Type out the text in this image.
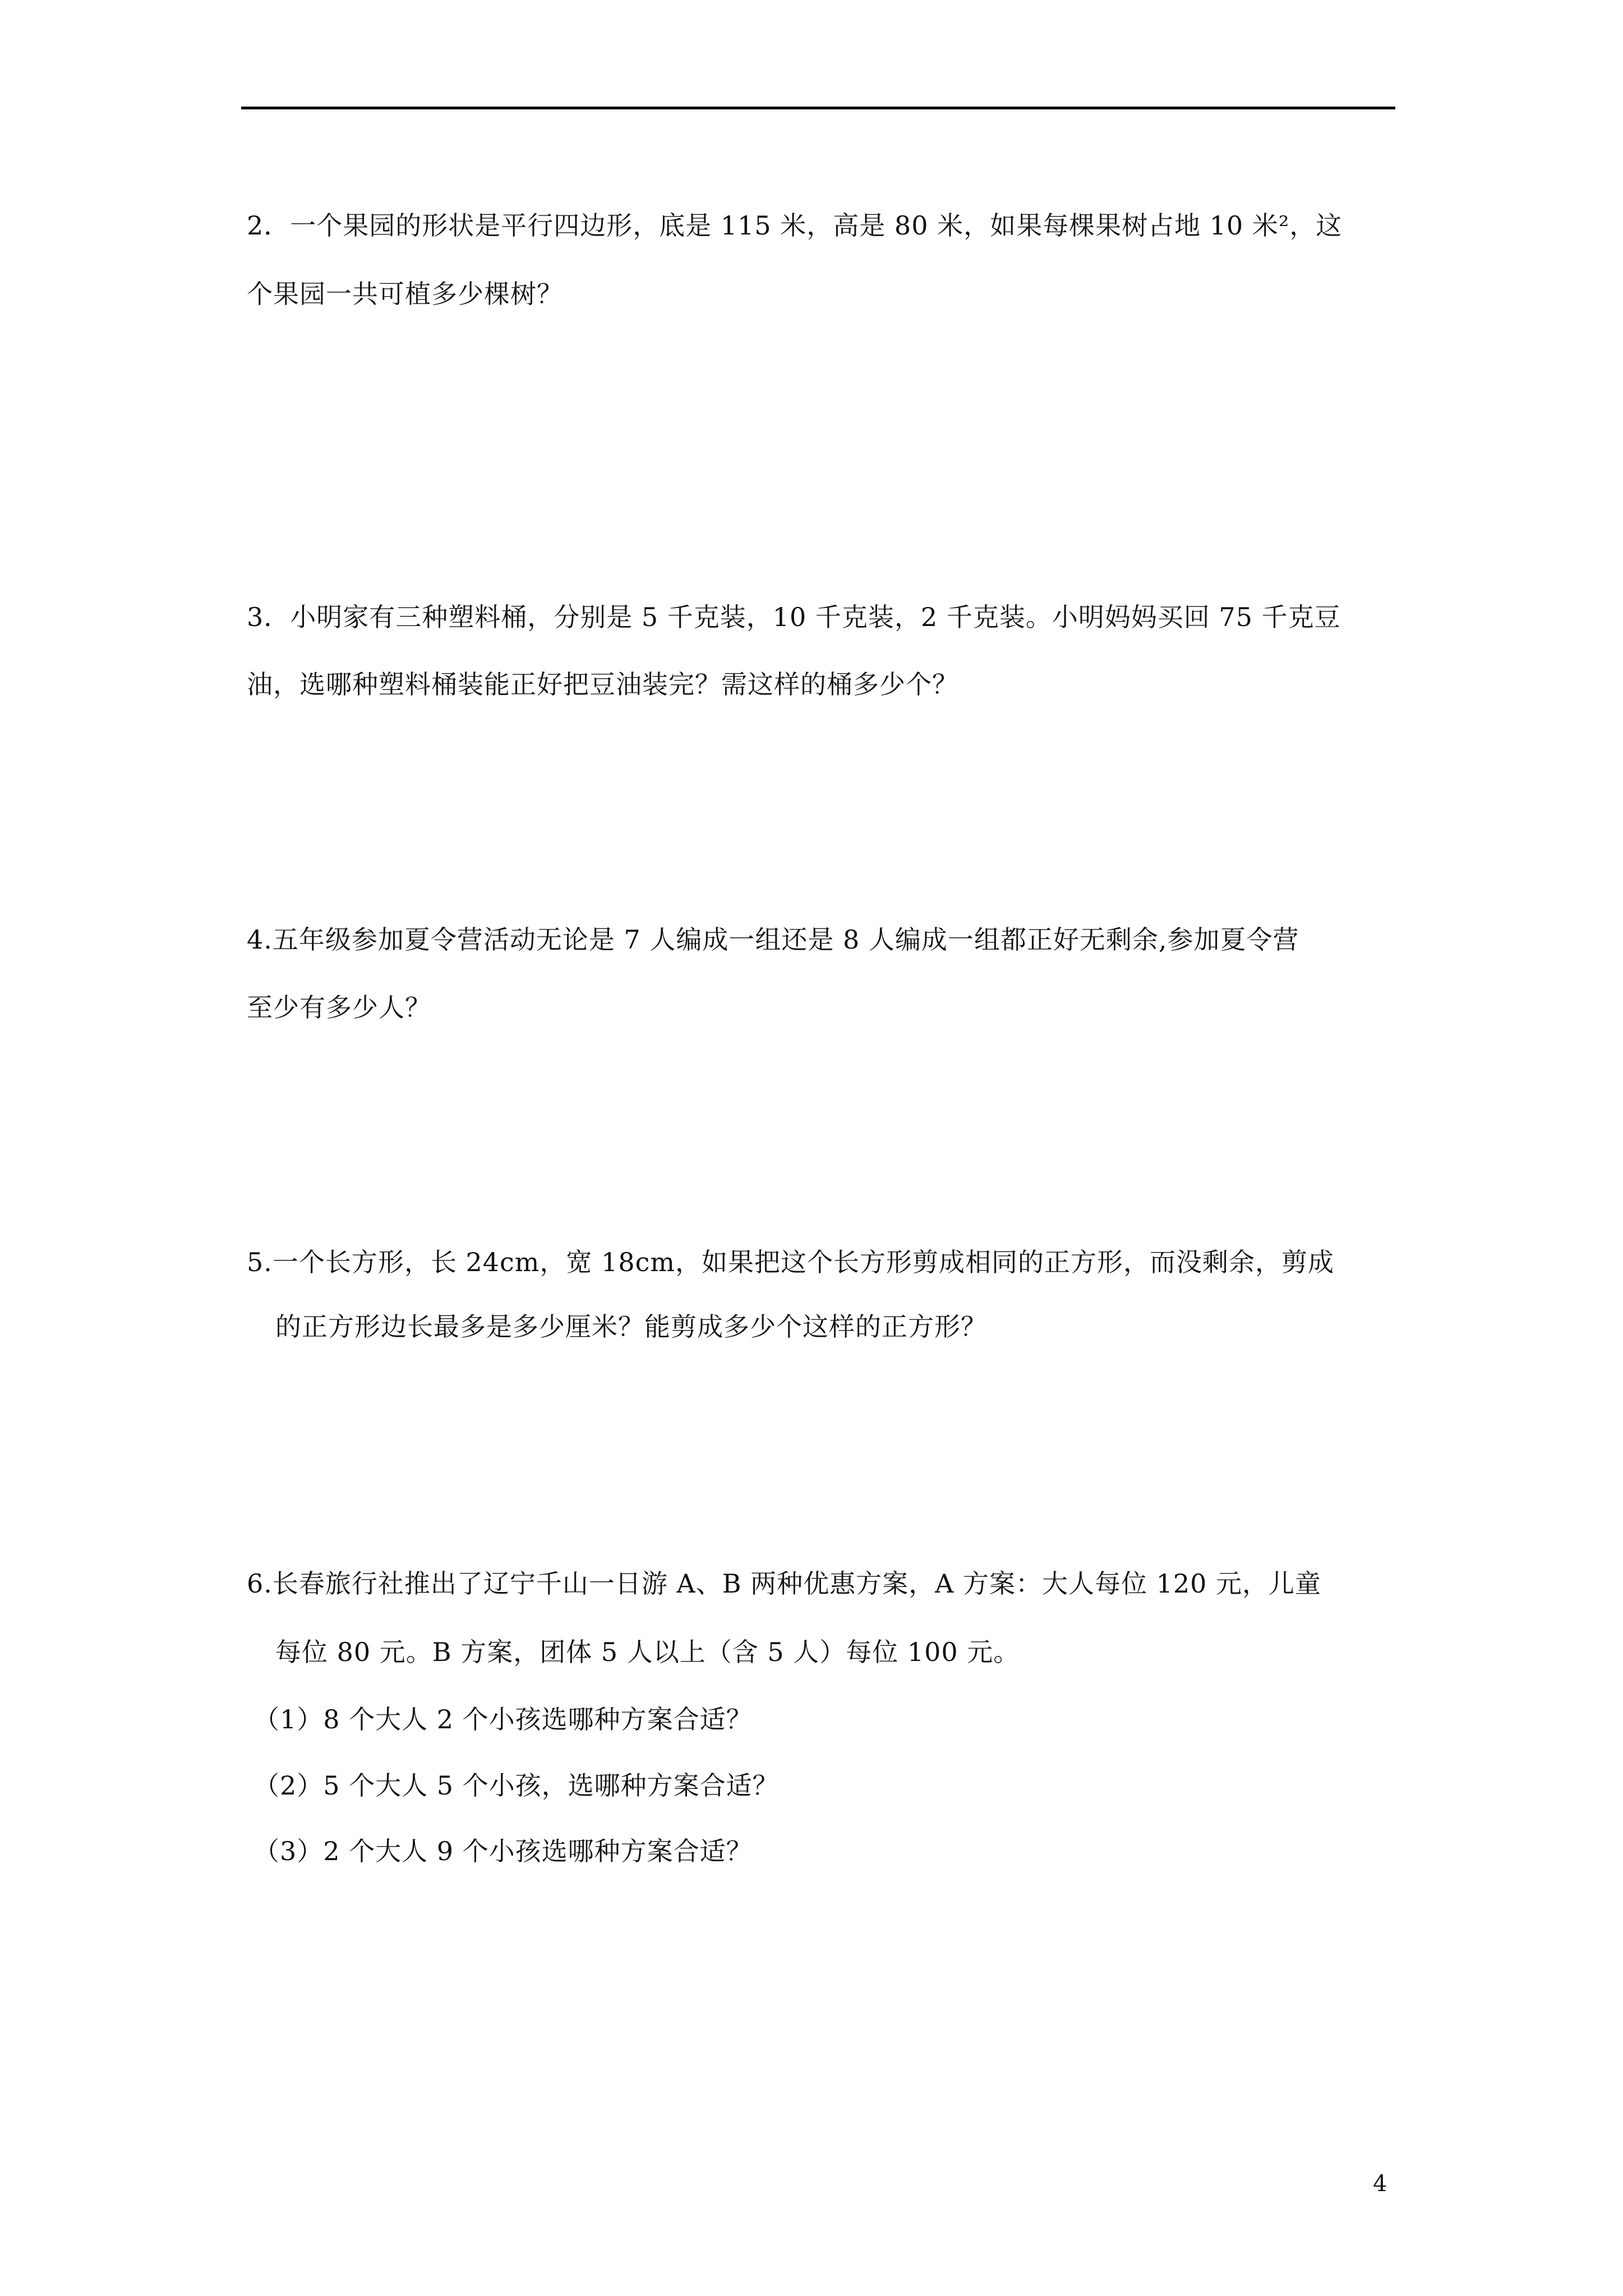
2．一个果园的形状是平行四边形，底是 115 米，高是 80 米，如果每棵果树占地 10 米²，这
个果园一共可植多少棵树？
3．小明家有三种塑料桶，分别是 5 千克装，10 千克装，2 千克装。小明妈妈买回 75 千克豆
油，选哪种塑料桶装能正好把豆油装完？需这样的桶多少个？
4.五年级参加夏令营活动无论是 7 人编成一组还是 8 人编成一组都正好无剩余,参加夏令营
至少有多少人？
5.一个长方形，长 24cm，宽 18cm，如果把这个长方形剪成相同的正方形，而没剩余，剪成
的正方形边长最多是多少厘米？能剪成多少个这样的正方形？
6.长春旅行社推出了辽宁千山一日游 A、B 两种优惠方案，A 方案：大人每位 120 元，儿童
每位 80 元。B 方案，团体 5 人以上（含 5 人）每位 100 元。
（1）8 个大人 2 个小孩选哪种方案合适？
（2）5 个大人 5 个小孩，选哪种方案合适？
（3）2 个大人 9 个小孩选哪种方案合适？
4
